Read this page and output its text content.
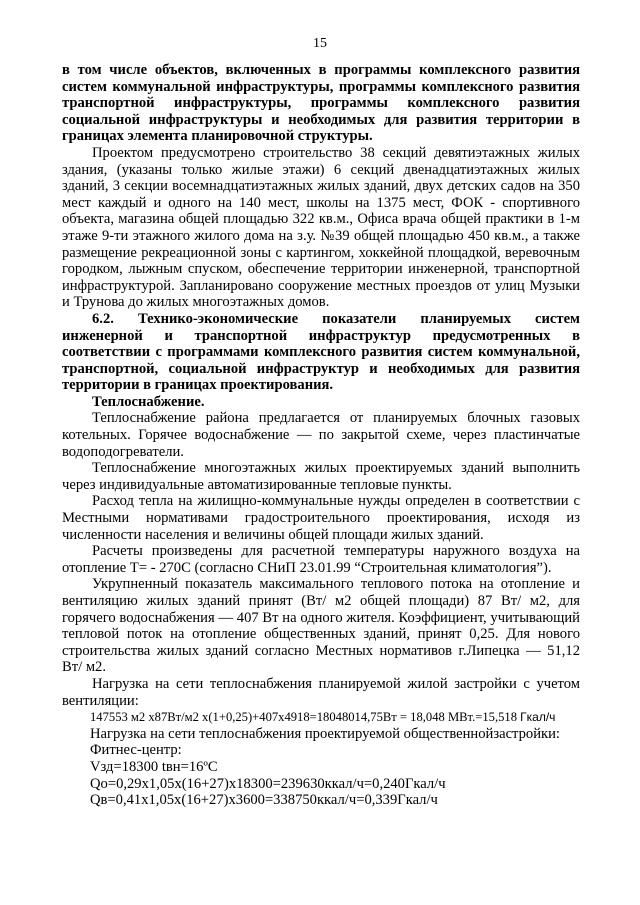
15

в том числе объектов, включенных в программы комплексного развития систем коммунальной инфраструктуры, программы комплексного развития транспортной инфраструктуры, программы комплексного развития социальной инфраструктуры и необходимых для развития территории в границах элемента планировочной структуры.

Проектом предусмотрено строительство 38 секций девятиэтажных жилых здания, (указаны только жилые этажи) 6 секций двенадцатиэтажных жилых зданий, 3 секции восемнадцатиэтажных жилых зданий, двух детских садов на 350 мест каждый и одного на 140 мест, школы на 1375 мест, ФОК - спортивного объекта, магазина общей площадью 322 кв.м., Офиса врача общей практики в 1-м этаже 9-ти этажного жилого дома на з.у. №39 общей площадью 450 кв.м., а также размещение рекреационной зоны с картингом, хоккейной площадкой, веревочным городком, лыжным спуском, обеспечение территории инженерной, транспортной инфраструктурой. Запланировано сооружение местных проездов от улиц Музыки и Трунова до жилых многоэтажных домов.

6.2. Технико-экономические показатели планируемых систем инженерной и транспортной инфраструктур предусмотренных в соответствии с программами комплексного развития систем коммунальной, транспортной, социальной инфраструктур и необходимых для развития территории в границах проектирования.

Теплоснабжение.

Теплоснабжение района предлагается от планируемых блочных газовых котельных. Горячее водоснабжение — по закрытой схеме, через пластинчатые водоподогреватели.

Теплоснабжение многоэтажных жилых проектируемых зданий выполнить через индивидуальные автоматизированные тепловые пункты.

Расход тепла на жилищно-коммунальные нужды определен в соответствии с Местными нормативами градостроительного проектирования, исходя из численности населения и величины общей площади жилых зданий.

Расчеты произведены для расчетной температуры наружного воздуха на отопление Т= - 270С (согласно СНиП 23.01.99 “Строительная климатология”).

Укрупненный показатель максимального теплового потока на отопление и вентиляцию жилых зданий принят (Вт/ м2 общей площади) 87 Вт/ м2, для горячего водоснабжения — 407 Вт на одного жителя. Коэффициент, учитывающий тепловой поток на отопление общественных зданий, принят 0,25. Для нового строительства жилых зданий согласно Местных нормативов г.Липецка — 51,12 Вт/ м2.

Нагрузка на сети теплоснабжения планируемой жилой застройки с учетом вентиляции:

147553 м2 х87Вт/м2 х(1+0,25)+407х4918=18048014,75Вт = 18,048 МВт.=15,518 Гкал/ч

Нагрузка на сети теплоснабжения проектируемой общественнойзастройки:

Фитнес-центр:

Vзд=18300 tвн=16ºС

Qо=0,29х1,05х(16+27)х18300=239630ккал/ч=0,240Гкал/ч

Qв=0,41х1,05х(16+27)х3600=338750ккал/ч=0,339Гкал/ч
